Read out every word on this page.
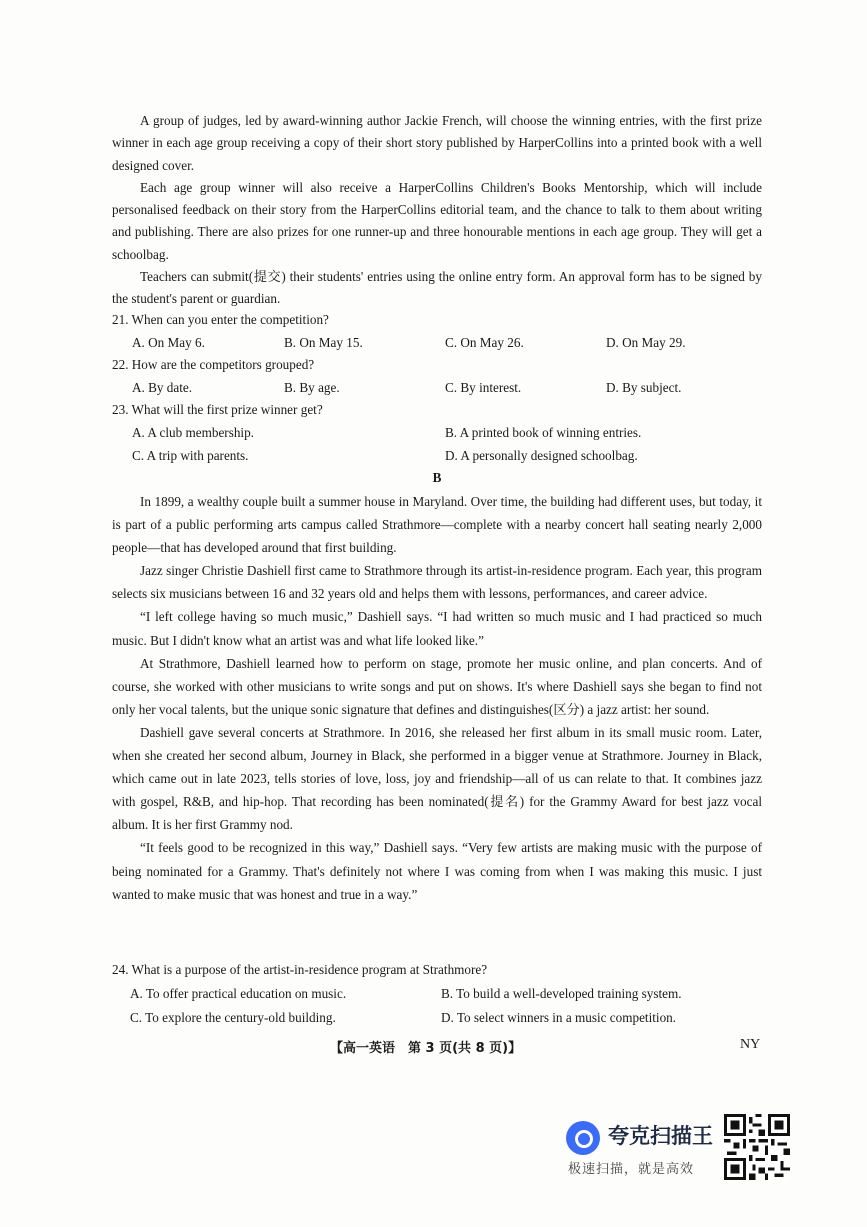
A group of judges, led by award-winning author Jackie French, will choose the winning entries, with the first prize winner in each age group receiving a copy of their short story published by HarperCollins into a printed book with a well designed cover.

Each age group winner will also receive a HarperCollins Children's Books Mentorship, which will include personalised feedback on their story from the HarperCollins editorial team, and the chance to talk to them about writing and publishing. There are also prizes for one runner-up and three honourable mentions in each age group. They will get a schoolbag.

Teachers can submit(提交) their students' entries using the online entry form. An approval form has to be signed by the student's parent or guardian.

21. When can you enter the competition?
A. On May 6.	B. On May 15.	C. On May 26.	D. On May 29.
22. How are the competitors grouped?
A. By date.	B. By age.	C. By interest.	D. By subject.
23. What will the first prize winner get?
A. A club membership.	B. A printed book of winning entries.
C. A trip with parents.	D. A personally designed schoolbag.
B

In 1899, a wealthy couple built a summer house in Maryland. Over time, the building had different uses, but today, it is part of a public performing arts campus called Strathmore—complete with a nearby concert hall seating nearly 2,000 people—that has developed around that first building.

Jazz singer Christie Dashiell first came to Strathmore through its artist-in-residence program. Each year, this program selects six musicians between 16 and 32 years old and helps them with lessons, performances, and career advice.

“I left college having so much music,” Dashiell says. “I had written so much music and I had practiced so much music. But I didn't know what an artist was and what life looked like.”

At Strathmore, Dashiell learned how to perform on stage, promote her music online, and plan concerts. And of course, she worked with other musicians to write songs and put on shows. It's where Dashiell says she began to find not only her vocal talents, but the unique sonic signature that defines and distinguishes(区分) a jazz artist: her sound.

Dashiell gave several concerts at Strathmore. In 2016, she released her first album in its small music room. Later, when she created her second album, Journey in Black, she performed in a bigger venue at Strathmore. Journey in Black, which came out in late 2023, tells stories of love, loss, joy and friendship—all of us can relate to that. It combines jazz with gospel, R&B, and hip-hop. That recording has been nominated(提名) for the Grammy Award for best jazz vocal album. It is her first Grammy nod.

“It feels good to be recognized in this way,” Dashiell says. “Very few artists are making music with the purpose of being nominated for a Grammy. That's definitely not where I was coming from when I was making this music. I just wanted to make music that was honest and true in a way.”

24. What is a purpose of the artist-in-residence program at Strathmore?
A. To offer practical education on music.	B. To build a well-developed training system.
C. To explore the century-old building.	D. To select winners in a music competition.
【高一英语　第 3 页(共 8 页)】	NY
夸克扫描王
极速扫描，就是高效
